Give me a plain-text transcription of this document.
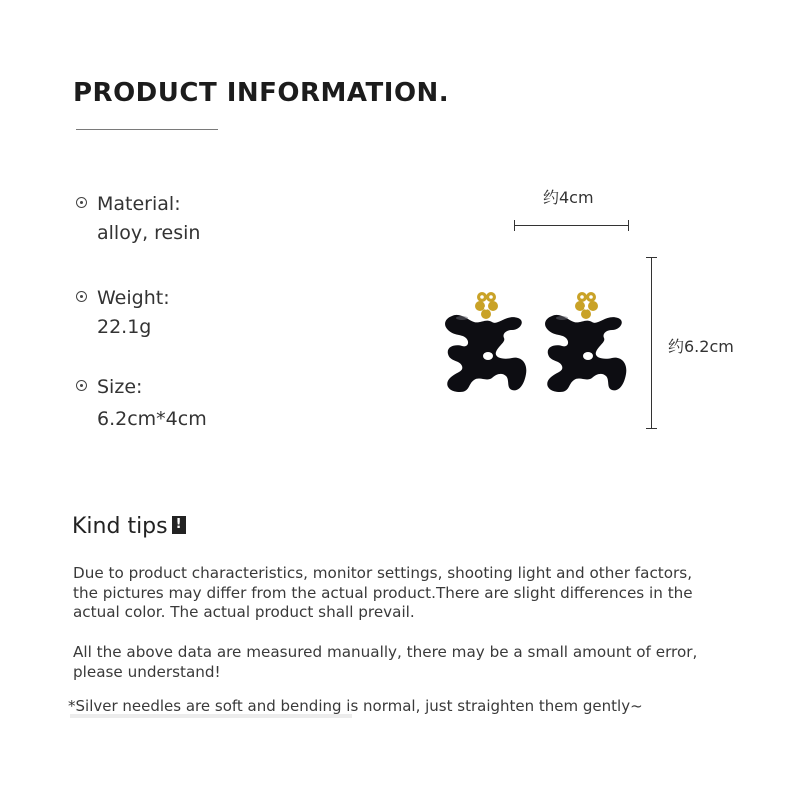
PRODUCT INFORMATION.
Material:
alloy, resin
Weight:
22.1g
Size:
6.2cm*4cm
约4cm
约6.2cm
Kind tips !
Due to product characteristics, monitor settings, shooting light and other factors, the pictures may differ from the actual product.There are slight differences in the actual color. The actual product shall prevail.
All the above data are measured manually, there may be a small amount of error, please understand!
*Silver needles are soft and bending is normal, just straighten them gently~
